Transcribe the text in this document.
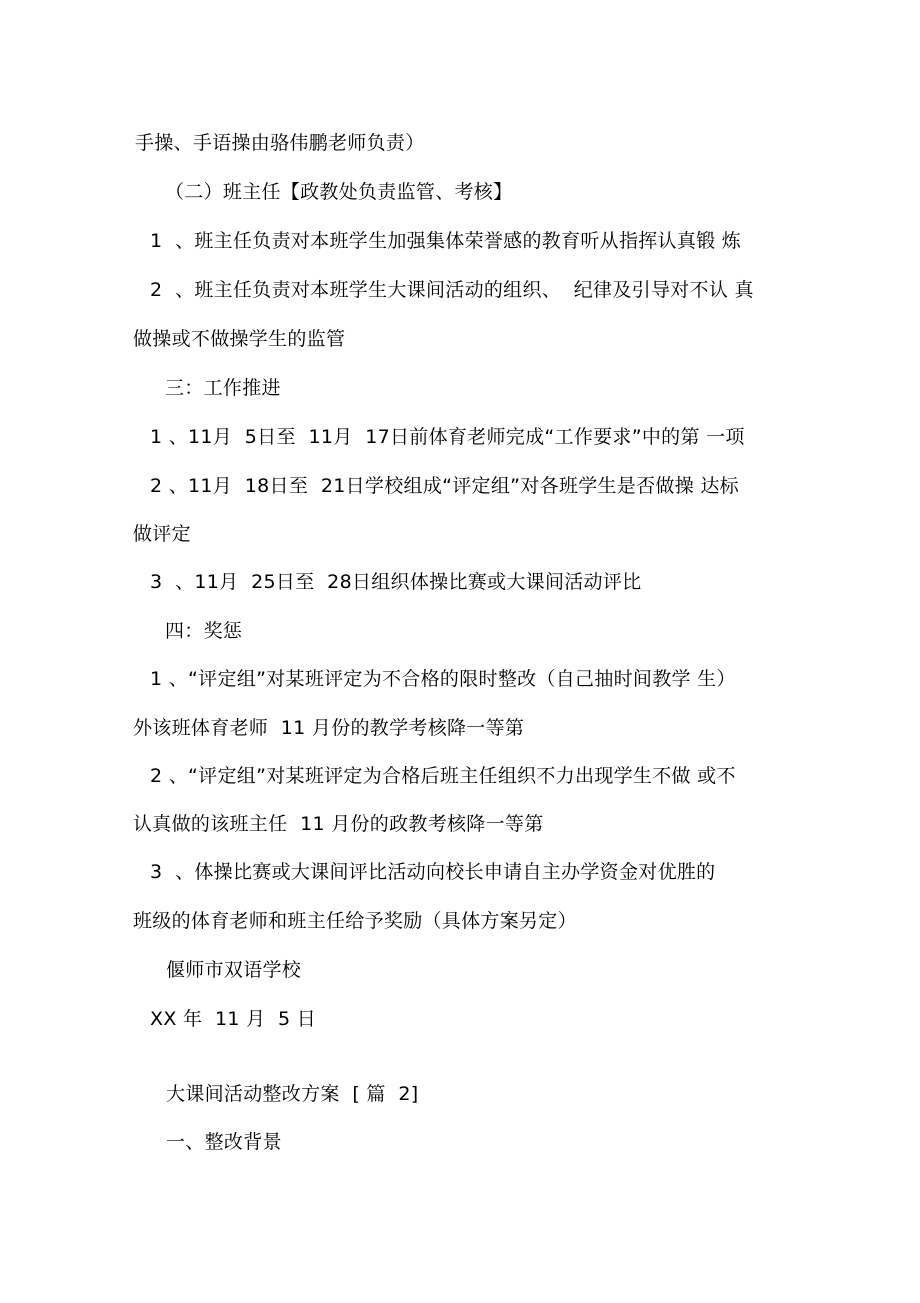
手操、手语操由骆伟鹏老师负责）
（二）班主任【政教处负责监管、考核】
1  、班主任负责对本班学生加强集体荣誉感的教育听从指挥认真锻 炼
2  、班主任负责对本班学生大课间活动的组织、  纪律及引导对不认 真
做操或不做操学生的监管
三：工作推进
1 、11月  5日至  11月  17日前体育老师完成“工作要求”中的第 一项
2 、11月  18日至  21日学校组成“评定组”对各班学生是否做操 达标
做评定
3  、11月  25日至  28日组织体操比赛或大课间活动评比
四：奖惩
1 、“评定组”对某班评定为不合格的限时整改（自己抽时间教学 生）
外该班体育老师  11 月份的教学考核降一等第
2 、“评定组”对某班评定为合格后班主任组织不力出现学生不做 或不
认真做的该班主任  11 月份的政教考核降一等第
3  、体操比赛或大课间评比活动向校长申请自主办学资金对优胜的
班级的体育老师和班主任给予奖励（具体方案另定）
偃师市双语学校
XX 年  11 月  5 日
大课间活动整改方案  [ 篇  2]
一、整改背景
